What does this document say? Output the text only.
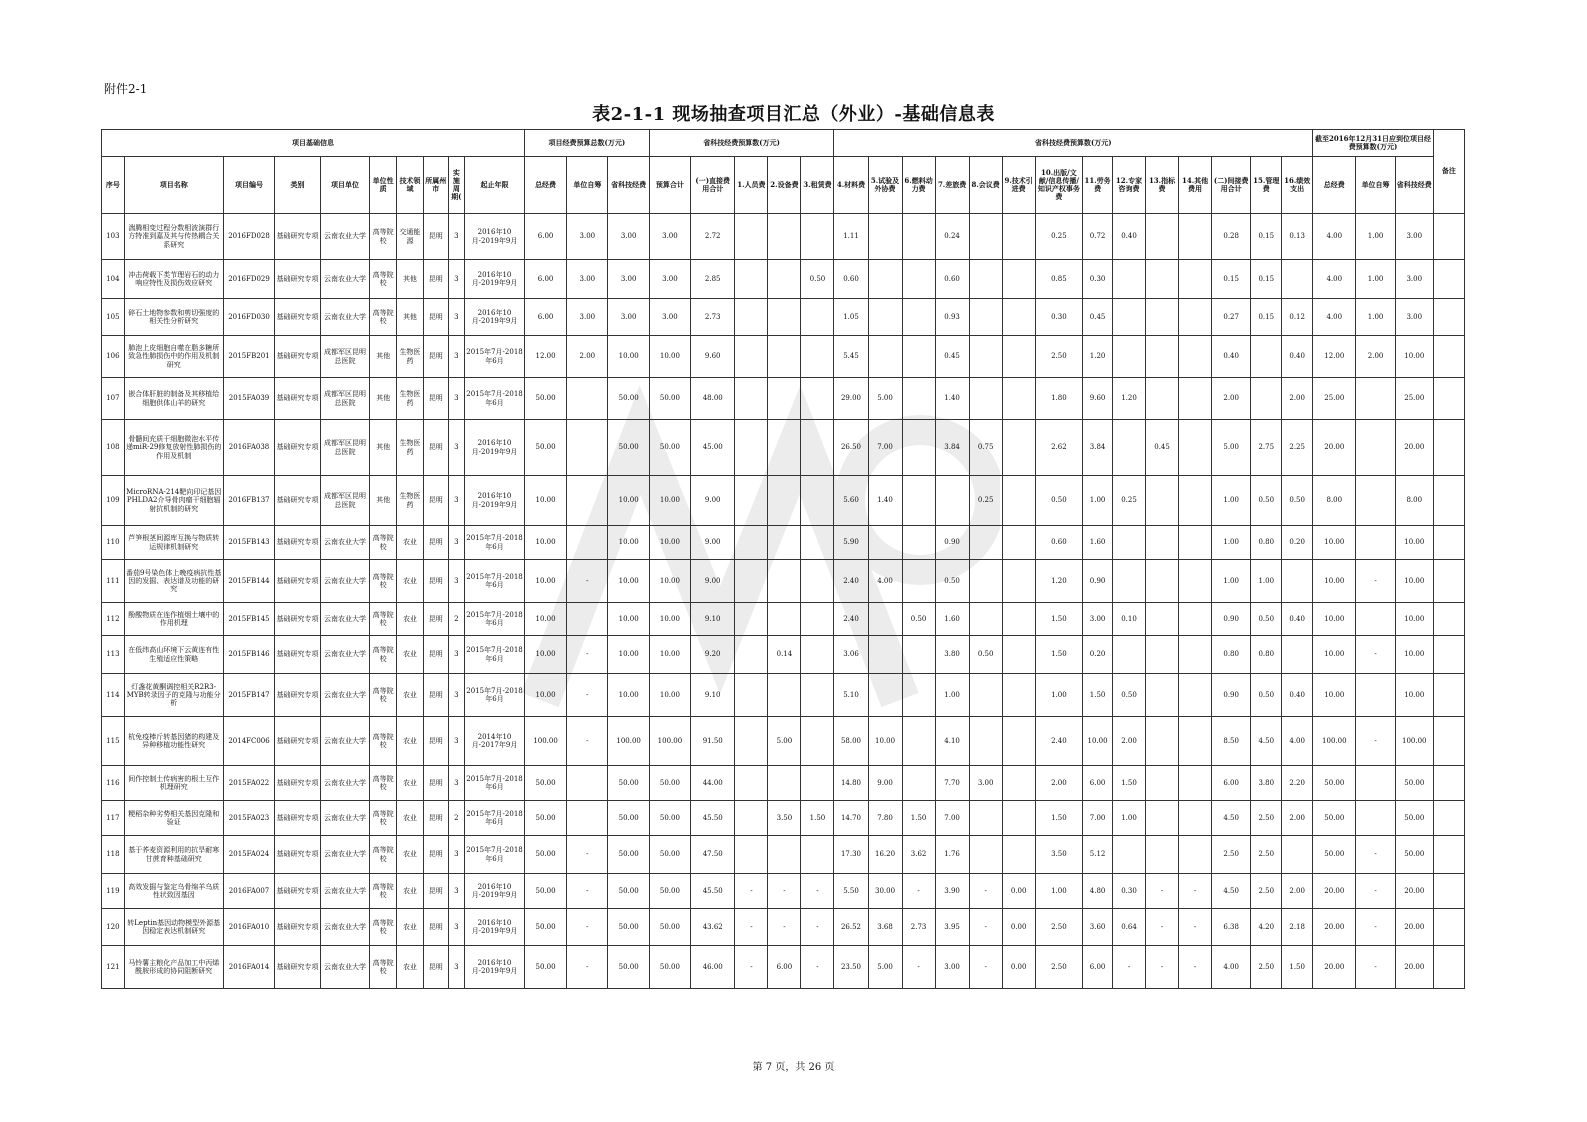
附件2-1
表2-1-1 现场抽查项目汇总（外业）-基础信息表
项目基础信息										项目经费预算总数(万元)			省科技经费预算数(万元)					省科技经费预算数(万元)														截至2016年12月31日应到位项目经费预算数(万元)			备注
序号	项目名称	项目编号	类别	项目单位	单位性质	技术领域	所属州市	实施周期(	起止年限	总经费	单位自筹	省科技经费	预算合计	(一)直接费用合计	1.人员费	2.设备费	3.租赁费	4.材料费	5.试验及外协费	6.燃料动力费	7.差旅费	8.会议费	9.技术引进费	10.出版/文献/信息传播/知识产权事务费	11.劳务费	12.专家咨询费	13.指标费	14.其他费用	(二)间接费用合计	15.管理费	16.绩效支出	总经费	单位自筹	省科技经费	
103	湍腾相变过程分数相波演群行方特准到嘉及其与传热耦合关系研究	2016FD028	基础研究专项	云南农业大学	高等院校	交通能源	昆明	3	2016年10月-2019年9月	6.00	3.00	3.00	3.00	2.72				1.11			0.24			0.25	0.72	0.40			0.28	0.15	0.13	4.00	1.00	3.00	
104	冲击荷载下类节理岩石的动力响应特性及损伤效应研究	2016FD029	基础研究专项	云南农业大学	高等院校	其他	昆明	3	2016年10月-2019年9月	6.00	3.00	3.00	3.00	2.85			0.50	0.60			0.60			0.85	0.30				0.15	0.15		4.00	1.00	3.00	
105	碎石土地物参数和剪切强度的相关性分析研究	2016FD030	基础研究专项	云南农业大学	高等院校	其他	昆明	3	2016年10月-2019年9月	6.00	3.00	3.00	3.00	2.73				1.05			0.93			0.30	0.45				0.27	0.15	0.12	4.00	1.00	3.00	
106	肺泡上皮细胞自噬在脂多糖所致急性肺损伤中的作用及机制研究	2015FB201	基础研究专项	成都军区昆明总医院	其他	生物医药	昆明	3	2015年7月-2018年6月	12.00	2.00	10.00	10.00	9.60				5.45			0.45			2.50	1.20				0.40		0.40	12.00	2.00	10.00	
107	嵌合体肝脏的制备及其移植给细胞供体山羊的研究	2015FA039	基础研究专项	成都军区昆明总医院	其他	生物医药	昆明	3	2015年7月-2018年6月	50.00		50.00	50.00	48.00				29.00	5.00		1.40			1.80	9.60	1.20			2.00		2.00	25.00		25.00	
108	骨髓间充质干细胞微泡水平传递miR-29修复放射性肺损伤的作用及机制	2016FA038	基础研究专项	成都军区昆明总医院	其他	生物医药	昆明	3	2016年10月-2019年9月	50.00		50.00	50.00	45.00				26.50	7.00		3.84	0.75		2.62	3.84		0.45		5.00	2.75	2.25	20.00		20.00	
109	MicroRNA-214靶向印记基因PHLDA2介导骨肉瘤干细胞辐射抗机制的研究	2016FB137	基础研究专项	成都军区昆明总医院	其他	生物医药	昆明	3	2016年10月-2019年9月	10.00		10.00	10.00	9.00				5.60	1.40			0.25		0.50	1.00	0.25			1.00	0.50	0.50	8.00		8.00	
110	芦笋根茎间源库互换与物质转运规律机制研究	2015FB143	基础研究专项	云南农业大学	高等院校	农业	昆明	3	2015年7月-2018年6月	10.00		10.00	10.00	9.00				5.90			0.90			0.60	1.60				1.00	0.80	0.20	10.00		10.00	
111	番茄9号染色体上晚疫病抗性基因的发掘、表达谱及功能的研究	2015FB144	基础研究专项	云南农业大学	高等院校	农业	昆明	3	2015年7月-2018年6月	10.00	-	10.00	10.00	9.00				2.40	4.00		0.50			1.20	0.90				1.00	1.00		10.00	-	10.00	
112	酚酸物质在连作植烟土壤中的作用机理	2015FB145	基础研究专项	云南农业大学	高等院校	农业	昆明	2	2015年7月-2018年6月	10.00		10.00	10.00	9.10				2.40		0.50	1.60			1.50	3.00	0.10			0.90	0.50	0.40	10.00		10.00	
113	在低纬高山环境下云黄连有性生殖适应性策略	2015FB146	基础研究专项	云南农业大学	高等院校	农业	昆明	3	2015年7月-2018年6月	10.00	-	10.00	10.00	9.20		0.14		3.06			3.80	0.50		1.50	0.20				0.80	0.80		10.00	-	10.00	
114	灯盏花黄酮调控相关R2R3-MYB转录因子的克隆与功能分析	2015FB147	基础研究专项	云南农业大学	高等院校	农业	昆明	3	2015年7月-2018年6月	10.00	-	10.00	10.00	9.10				5.10			1.00			1.00	1.50	0.50			0.90	0.50	0.40	10.00		10.00	
115	杭免疫棒斤转基因猪的构建及异种移植功能性研究	2014FC006	基础研究专项	云南农业大学	高等院校	农业	昆明	3	2014年10月-2017年9月	100.00	-	100.00	100.00	91.50		5.00		58.00	10.00		4.10			2.40	10.00	2.00			8.50	4.50	4.00	100.00	-	100.00	
116	间作控制土传病害的根土互作机理研究	2015FA022	基础研究专项	云南农业大学	高等院校	农业	昆明	3	2015年7月-2018年6月	50.00		50.00	50.00	44.00				14.80	9.00		7.70	3.00		2.00	6.00	1.50			6.00	3.80	2.20	50.00		50.00	
117	粳稻杂种劣势相关基因克隆和验证	2015FA023	基础研究专项	云南农业大学	高等院校	农业	昆明	2	2015年7月-2018年6月	50.00		50.00	50.00	45.50		3.50	1.50	14.70	7.80	1.50	7.00			1.50	7.00	1.00			4.50	2.50	2.00	50.00		50.00	
118	基于荞麦资源利用的抗旱耐寒甘蔗育种基础研究	2015FA024	基础研究专项	云南农业大学	高等院校	农业	昆明	3	2015年7月-2018年6月	50.00	-	50.00	50.00	47.50				17.30	16.20	3.62	1.76			3.50	5.12				2.50	2.50		50.00	-	50.00	
119	高效发掘与鉴定乌骨绵羊乌质性状致因基因	2016FA007	基础研究专项	云南农业大学	高等院校	农业	昆明	3	2016年10月-2019年9月	50.00	-	50.00	50.00	45.50	-	-	-	5.50	30.00	-	3.90	-	0.00	1.00	4.80	0.30	-	-	4.50	2.50	2.00	20.00	-	20.00	
120	转Leptin基因动物模型外源基因稳定表达机制研究	2016FA010	基础研究专项	云南农业大学	高等院校	农业	昆明	3	2016年10月-2019年9月	50.00	-	50.00	50.00	43.62	-	-	-	26.52	3.68	2.73	3.95	-	0.00	2.50	3.60	0.64	-	-	6.38	4.20	2.18	20.00	-	20.00	
121	马铃薯主粮化产品加工中丙烯酰胺形成的协同阻断研究	2016FA014	基础研究专项	云南农业大学	高等院校	农业	昆明	3	2016年10月-2019年9月	50.00	-	50.00	50.00	46.00	-	6.00	-	23.50	5.00	-	3.00	-	0.00	2.50	6.00	-	-	-	4.00	2.50	1.50	20.00	-	20.00	
第 7 页，共 26 页
